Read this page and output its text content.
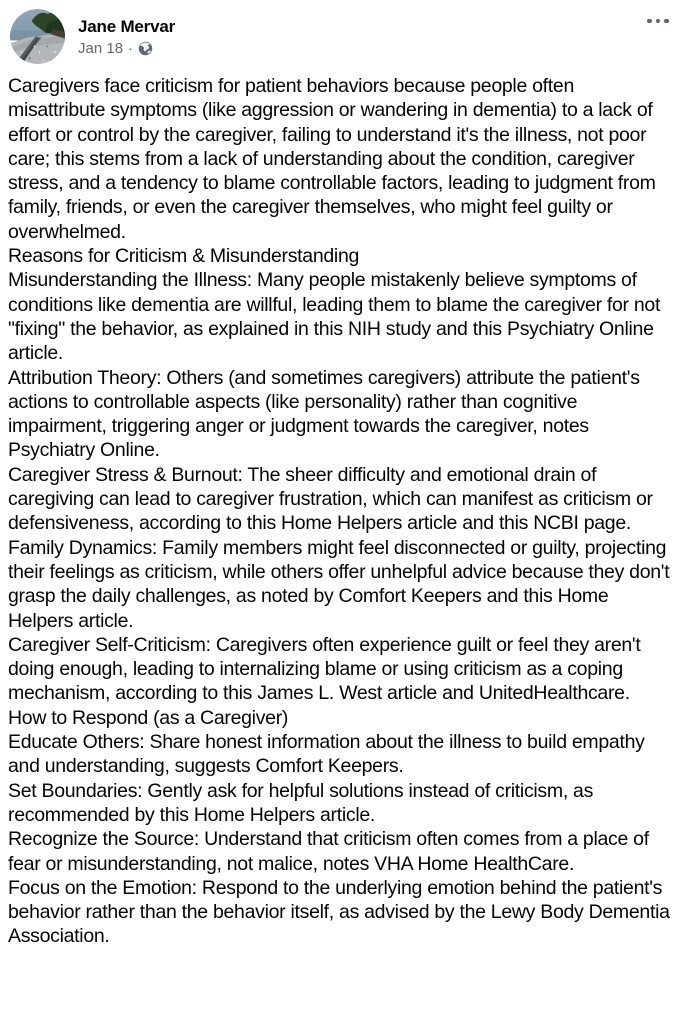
Jane Mervar
Jan 18 ·
Caregivers face criticism for patient behaviors because people often misattribute symptoms (like aggression or wandering in dementia) to a lack of effort or control by the caregiver, failing to understand it's the illness, not poor care; this stems from a lack of understanding about the condition, caregiver stress, and a tendency to blame controllable factors, leading to judgment from family, friends, or even the caregiver themselves, who might feel guilty or overwhelmed.
Reasons for Criticism & Misunderstanding
Misunderstanding the Illness: Many people mistakenly believe symptoms of conditions like dementia are willful, leading them to blame the caregiver for not "fixing" the behavior, as explained in this NIH study and this Psychiatry Online article.
Attribution Theory: Others (and sometimes caregivers) attribute the patient's actions to controllable aspects (like personality) rather than cognitive impairment, triggering anger or judgment towards the caregiver, notes Psychiatry Online.
Caregiver Stress & Burnout: The sheer difficulty and emotional drain of caregiving can lead to caregiver frustration, which can manifest as criticism or defensiveness, according to this Home Helpers article and this NCBI page.
Family Dynamics: Family members might feel disconnected or guilty, projecting their feelings as criticism, while others offer unhelpful advice because they don't grasp the daily challenges, as noted by Comfort Keepers and this Home Helpers article.
Caregiver Self-Criticism: Caregivers often experience guilt or feel they aren't doing enough, leading to internalizing blame or using criticism as a coping mechanism, according to this James L. West article and UnitedHealthcare.
How to Respond (as a Caregiver)
Educate Others: Share honest information about the illness to build empathy and understanding, suggests Comfort Keepers.
Set Boundaries: Gently ask for helpful solutions instead of criticism, as recommended by this Home Helpers article.
Recognize the Source: Understand that criticism often comes from a place of fear or misunderstanding, not malice, notes VHA Home HealthCare.
Focus on the Emotion: Respond to the underlying emotion behind the patient's behavior rather than the behavior itself, as advised by the Lewy Body Dementia Association.
